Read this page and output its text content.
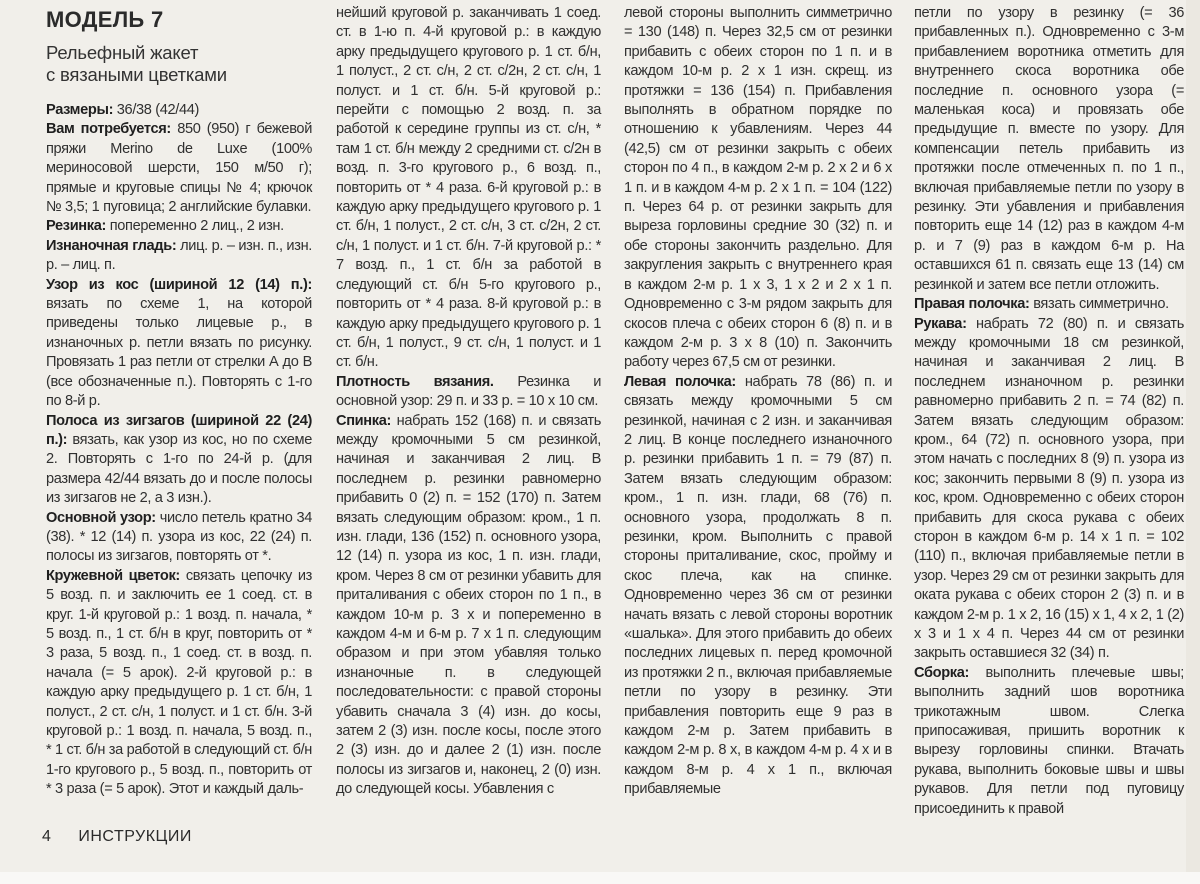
МОДЕЛЬ 7
Рельефный жакет
с вязаными цветками

Размеры: 36/38 (42/44)

Вам потребуется: 850 (950) г бежевой пряжи Merino de Luxe (100% мериносовой шерсти, 150 м/50 г); прямые и круговые спицы № 4; крючок № 3,5; 1 пуговица; 2 английские булавки.

Резинка: попеременно 2 лиц., 2 изн.

Изнаночная гладь: лиц. р. – изн. п., изн. р. – лиц. п.

Узор из кос (шириной 12 (14) п.): вязать по схеме 1, на которой приведены только лицевые р., в изнаночных р. петли вязать по рисунку. Провязать 1 раз петли от стрелки А до В (все обозначенные п.). Повторять с 1-го по 8-й р.

Полоса из зигзагов (шириной 22 (24) п.): вязать, как узор из кос, но по схеме 2. Повторять с 1-го по 24-й р. (для размера 42/44 вязать до и после полосы из зигзагов не 2, а 3 изн.).

Основной узор: число петель кратно 34 (38). * 12 (14) п. узора из кос, 22 (24) п. полосы из зигзагов, повторять от *.

Кружевной цветок: связать цепочку из 5 возд. п. и заключить ее 1 соед. ст. в круг. 1-й круговой р.: 1 возд. п. начала, * 5 возд. п., 1 ст. б/н в круг, повторить от * 3 раза, 5 возд. п., 1 соед. ст. в возд. п. начала (= 5 арок). 2-й круговой р.: в каждую арку предыдущего р. 1 ст. б/н, 1 полуст., 2 ст. с/н, 1 полуст. и 1 ст. б/н. 3-й круговой р.: 1 возд. п. начала, 5 возд. п., * 1 ст. б/н за работой в следующий ст. б/н 1-го кругового р., 5 возд. п., повторить от * 3 раза (= 5 арок). Этот и каждый даль-

нейший круговой р. заканчивать 1 соед. ст. в 1-ю п. 4-й круговой р.: в каждую арку предыдущего кругового р. 1 ст. б/н, 1 полуст., 2 ст. с/н, 2 ст. с/2н, 2 ст. с/н, 1 полуст. и 1 ст. б/н. 5-й круговой р.: перейти с помощью 2 возд. п. за работой к середине группы из ст. с/н, * там 1 ст. б/н между 2 средними ст. с/2н в возд. п. 3-го кругового р., 6 возд. п., повторить от * 4 раза. 6-й круговой р.: в каждую арку предыдущего кругового р. 1 ст. б/н, 1 полуст., 2 ст. с/н, 3 ст. с/2н, 2 ст. с/н, 1 полуст. и 1 ст. б/н. 7-й круговой р.: * 7 возд. п., 1 ст. б/н за работой в следующий ст. б/н 5-го кругового р., повторить от * 4 раза. 8-й круговой р.: в каждую арку предыдущего кругового р. 1 ст. б/н, 1 полуст., 9 ст. с/н, 1 полуст. и 1 ст. б/н.

Плотность вязания. Резинка и основной узор: 29 п. и 33 р. = 10 х 10 см.

Спинка: набрать 152 (168) п. и связать между кромочными 5 см резинкой, начиная и заканчивая 2 лиц. В последнем р. резинки равномерно прибавить 0 (2) п. = 152 (170) п. Затем вязать следующим образом: кром., 1 п. изн. глади, 136 (152) п. основного узора, 12 (14) п. узора из кос, 1 п. изн. глади, кром. Через 8 см от резинки убавить для приталивания с обеих сторон по 1 п., в каждом 10-м р. 3 х и попеременно в каждом 4-м и 6-м р. 7 х 1 п. следующим образом и при этом убавляя только изнаночные п. в следующей последовательности: с правой стороны убавить сначала 3 (4) изн. до косы, затем 2 (3) изн. после косы, после этого 2 (3) изн. до и далее 2 (1) изн. после полосы из зигзагов и, наконец, 2 (0) изн. до следующей косы. Убавления с

левой стороны выполнить симметрично = 130 (148) п. Через 32,5 см от резинки прибавить с обеих сторон по 1 п. и в каждом 10-м р. 2 х 1 изн. скрещ. из протяжки = 136 (154) п. Прибавления выполнять в обратном порядке по отношению к убавлениям. Через 44 (42,5) см от резинки закрыть с обеих сторон по 4 п., в каждом 2-м р. 2 х 2 и 6 х 1 п. и в каждом 4-м р. 2 х 1 п. = 104 (122) п. Через 64 р. от резинки закрыть для выреза горловины средние 30 (32) п. и обе стороны закончить раздельно. Для закругления закрыть с внутреннего края в каждом 2-м р. 1 х 3, 1 х 2 и 2 х 1 п. Одновременно с 3-м рядом закрыть для скосов плеча с обеих сторон 6 (8) п. и в каждом 2-м р. 3 х 8 (10) п. Закончить работу через 67,5 см от резинки.

Левая полочка: набрать 78 (86) п. и связать между кромочными 5 см резинкой, начиная с 2 изн. и заканчивая 2 лиц. В конце последнего изнаночного р. резинки прибавить 1 п. = 79 (87) п. Затем вязать следующим образом: кром., 1 п. изн. глади, 68 (76) п. основного узора, продолжать 8 п. резинки, кром. Выполнить с правой стороны приталивание, скос, пройму и скос плеча, как на спинке. Одновременно через 36 см от резинки начать вязать с левой стороны воротник «шалька». Для этого прибавить до обеих последних лицевых п. перед кромочной из протяжки 2 п., включая прибавляемые петли по узору в резинку. Эти прибавления повторить еще 9 раз в каждом 2-м р. Затем прибавить в каждом 2-м р. 8 х, в каждом 4-м р. 4 х и в каждом 8-м р. 4 х 1 п., включая прибавляемые

петли по узору в резинку (= 36 прибавленных п.). Одновременно с 3-м прибавлением воротника отметить для внутреннего скоса воротника обе последние п. основного узора (= маленькая коса) и провязать обе предыдущие п. вместе по узору. Для компенсации петель прибавить из протяжки после отмеченных п. по 1 п., включая прибавляемые петли по узору в резинку. Эти убавления и прибавления повторить еще 14 (12) раз в каждом 4-м р. и 7 (9) раз в каждом 6-м р. На оставшихся 61 п. связать еще 13 (14) см резинкой и затем все петли отложить.

Правая полочка: вязать симметрично.

Рукава: набрать 72 (80) п. и связать между кромочными 18 см резинкой, начиная и заканчивая 2 лиц. В последнем изнаночном р. резинки равномерно прибавить 2 п. = 74 (82) п. Затем вязать следующим образом: кром., 64 (72) п. основного узора, при этом начать с последних 8 (9) п. узора из кос; закончить первыми 8 (9) п. узора из кос, кром. Одновременно с обеих сторон прибавить для скоса рукава с обеих сторон в каждом 6-м р. 14 х 1 п. = 102 (110) п., включая прибавляемые петли в узор. Через 29 см от резинки закрыть для оката рукава с обеих сторон 2 (3) п. и в каждом 2-м р. 1 х 2, 16 (15) х 1, 4 х 2, 1 (2) х 3 и 1 х 4 п. Через 44 см от резинки закрыть оставшиеся 32 (34) п.

Сборка: выполнить плечевые швы; выполнить задний шов воротника трикотажным швом. Слегка припосаживая, пришить воротник к вырезу горловины спинки. Втачать рукава, выполнить боковые швы и швы рукавов. Для петли под пуговицу присоединить к правой

4 ИНСТРУКЦИИ
